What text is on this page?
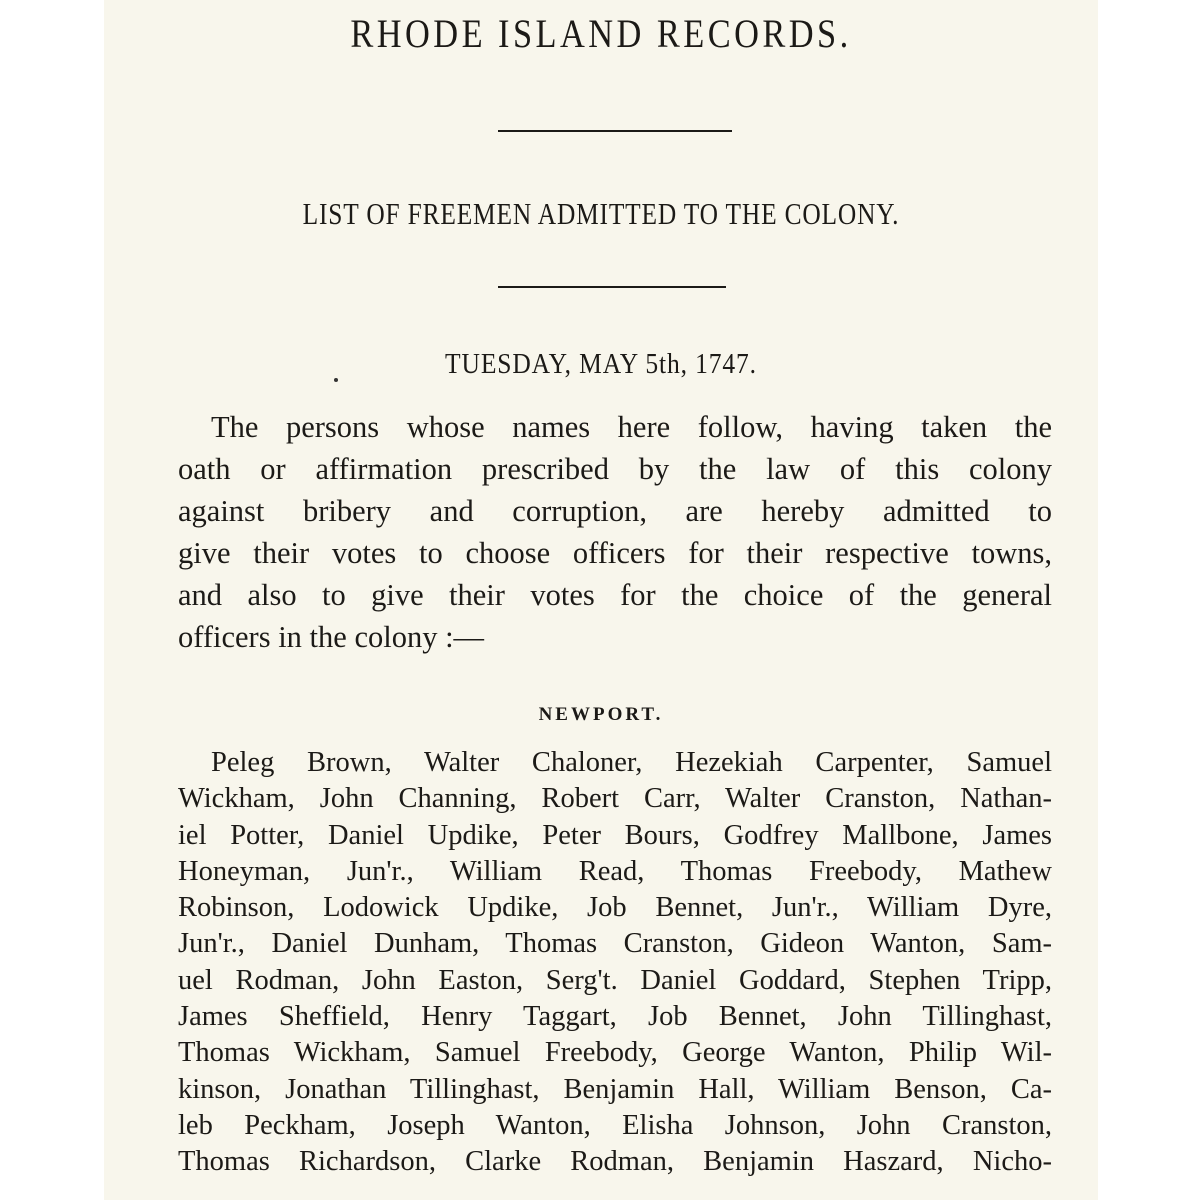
RHODE ISLAND RECORDS.
LIST OF FREEMEN ADMITTED TO THE COLONY.
TUESDAY, MAY 5th, 1747.
The persons whose names here follow, having taken the
oath or affirmation prescribed by the law of this colony
against bribery and corruption, are hereby admitted to
give their votes to choose officers for their respective towns,
and also to give their votes for the choice of the general
officers in the colony :—
NEWPORT.
Peleg Brown, Walter Chaloner, Hezekiah Carpenter, Samuel
Wickham, John Channing, Robert Carr, Walter Cranston, Nathan-
iel Potter, Daniel Updike, Peter Bours, Godfrey Mallbone, James
Honeyman, Jun'r., William Read, Thomas Freebody, Mathew
Robinson, Lodowick Updike, Job Bennet, Jun'r., William Dyre,
Jun'r., Daniel Dunham, Thomas Cranston, Gideon Wanton, Sam-
uel Rodman, John Easton, Serg't. Daniel Goddard, Stephen Tripp,
James Sheffield, Henry Taggart, Job Bennet, John Tillinghast,
Thomas Wickham, Samuel Freebody, George Wanton, Philip Wil-
kinson, Jonathan Tillinghast, Benjamin Hall, William Benson, Ca-
leb Peckham, Joseph Wanton, Elisha Johnson, John Cranston,
Thomas Richardson, Clarke Rodman, Benjamin Haszard, Nicho-
